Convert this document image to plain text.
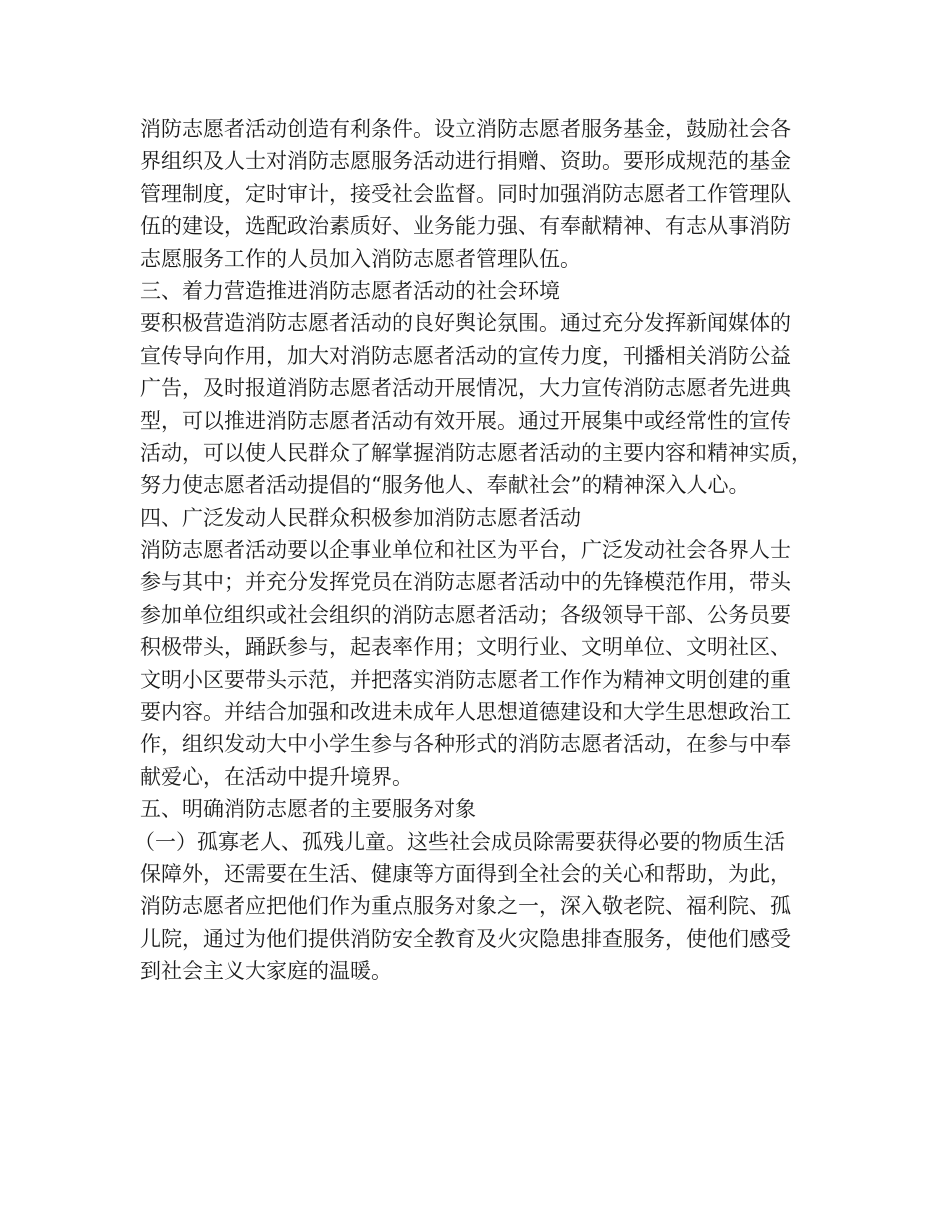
消防志愿者活动创造有利条件。设立消防志愿者服务基金，鼓励社会各
界组织及人士对消防志愿服务活动进行捐赠、资助。要形成规范的基金
管理制度，定时审计，接受社会监督。同时加强消防志愿者工作管理队
伍的建设，选配政治素质好、业务能力强、有奉献精神、有志从事消防
志愿服务工作的人员加入消防志愿者管理队伍。
三、着力营造推进消防志愿者活动的社会环境
要积极营造消防志愿者活动的良好舆论氛围。通过充分发挥新闻媒体的
宣传导向作用，加大对消防志愿者活动的宣传力度，刊播相关消防公益
广告，及时报道消防志愿者活动开展情况，大力宣传消防志愿者先进典
型，可以推进消防志愿者活动有效开展。通过开展集中或经常性的宣传
活动，可以使人民群众了解掌握消防志愿者活动的主要内容和精神实质，
努力使志愿者活动提倡的“服务他人、奉献社会”的精神深入人心。
四、广泛发动人民群众积极参加消防志愿者活动
消防志愿者活动要以企事业单位和社区为平台，广泛发动社会各界人士
参与其中；并充分发挥党员在消防志愿者活动中的先锋模范作用，带头
参加单位组织或社会组织的消防志愿者活动；各级领导干部、公务员要
积极带头，踊跃参与，起表率作用；文明行业、文明单位、文明社区、
文明小区要带头示范，并把落实消防志愿者工作作为精神文明创建的重
要内容。并结合加强和改进未成年人思想道德建设和大学生思想政治工
作，组织发动大中小学生参与各种形式的消防志愿者活动，在参与中奉
献爱心，在活动中提升境界。
五、明确消防志愿者的主要服务对象
（一）孤寡老人、孤残儿童。这些社会成员除需要获得必要的物质生活
保障外，还需要在生活、健康等方面得到全社会的关心和帮助，为此，
消防志愿者应把他们作为重点服务对象之一，深入敬老院、福利院、孤
儿院，通过为他们提供消防安全教育及火灾隐患排查服务，使他们感受
到社会主义大家庭的温暖。
